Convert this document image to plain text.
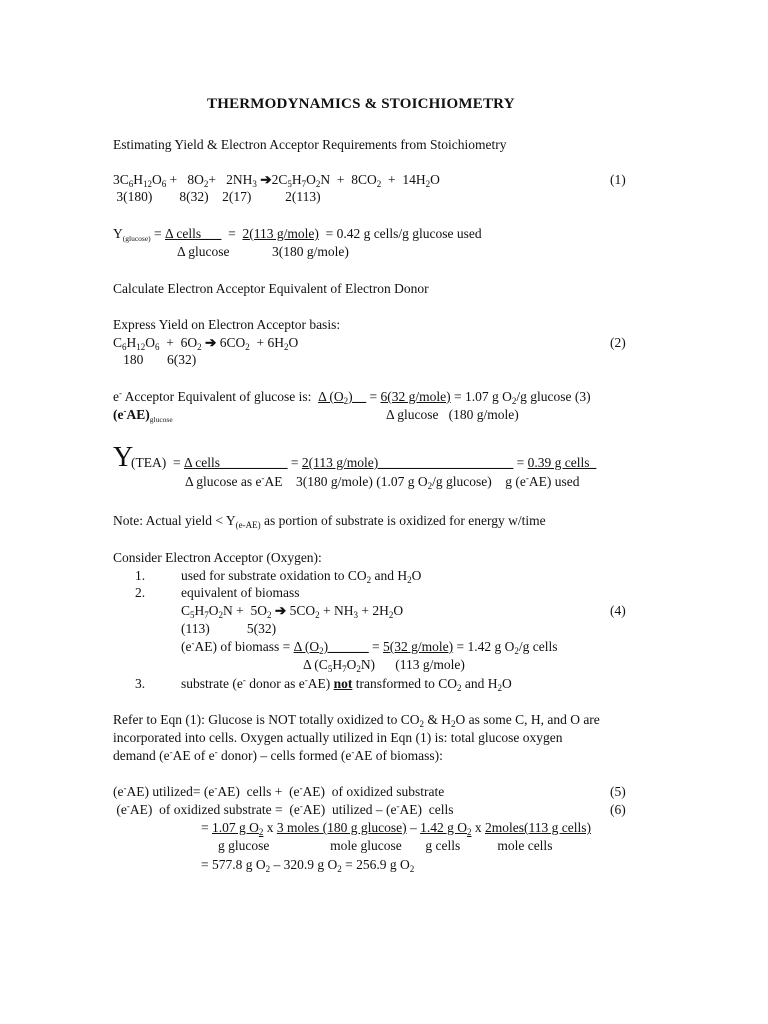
THERMODYNAMICS & STOICHIOMETRY
Estimating Yield & Electron Acceptor Requirements from Stoichiometry
$3C_6H_{12}O_6 + 8O_2+ 2NH_3$ $➔2C_5H_7O_2N + 8CO_2 + 14H_2O$	(1)
3(180)        8(32)    2(17)          2(113)
$Y_{(glucose)} = \Delta$ cells___  =  2(113 g/mole)  = 0.42 g cells/g glucose used
Δ glucose	3(180 g/mole)
Calculate Electron Acceptor Equivalent of Electron Donor
Express Yield on Electron Acceptor basis:
$C_6H_{12}O_6 + 6O_2$ ➔ $6CO_2 + 6H_2O$	(2)
180       6(32)
e- Acceptor Equivalent of glucose is:  Δ $(O_2)\_\_ = 6(32$ g/mole) = 1.07 g $O_2/g$ glucose (3)
$(e^-AE)_{glucose}$	Δ glucose   (180 g/mole)
Y
(TEA)  = Δ cells__________ = 2(113 g/mole)____________________ = 0.39 g cells_
Δ glucose as e-AE    3(180 g/mole) (1.07 g $O_2/g$ glucose)    g (e-AE) used
Note: Actual yield < $Y_{(e-AE)}$ as portion of substrate is oxidized for energy w/time
Consider Electron Acceptor (Oxygen):
1.	used for substrate oxidation to $CO_2$ and $H_2O$
2.	equivalent of biomass
$C_5H_7O_2N + 5O_2$ ➔ $5CO_2 + NH_3 + 2H_2O$	(4)
(113)           5(32)
(e-AE) of biomass = Δ $(O_2)\_\_\_\_\_\_ = 5(32$ g/mole) = 1.42 g $O_2/g$ cells
Δ $(C_5H_7O_2N)$      (113 g/mole)
3.	substrate (e- donor as e-AE) not transformed to $CO_2$ and $H_2O$
Refer to Eqn (1): Glucose is NOT totally oxidized to $CO_2$ & $H_2O$ as some C, H, and O are
incorporated into cells. Oxygen actually utilized in Eqn (1) is: total glucose oxygen
demand (e-AE of e- donor) – cells formed (e-AE of biomass):
(e-AE) utilized= (e-AE)  cells +  (e-AE)  of oxidized substrate	(5)
(e-AE)  of oxidized substrate =  (e-AE)  utilized – (e-AE)  cells	(6)
= 1.07 g $O_2$ x 3 moles (180 g glucose) – 1.42 g $O_2$ x 2moles(113 g cells)
g glucose                  mole glucose       g cells           mole cells
= 577.8 g $O_2 - 320.9$ g $O_2 = 256.9$ g $O_2$
